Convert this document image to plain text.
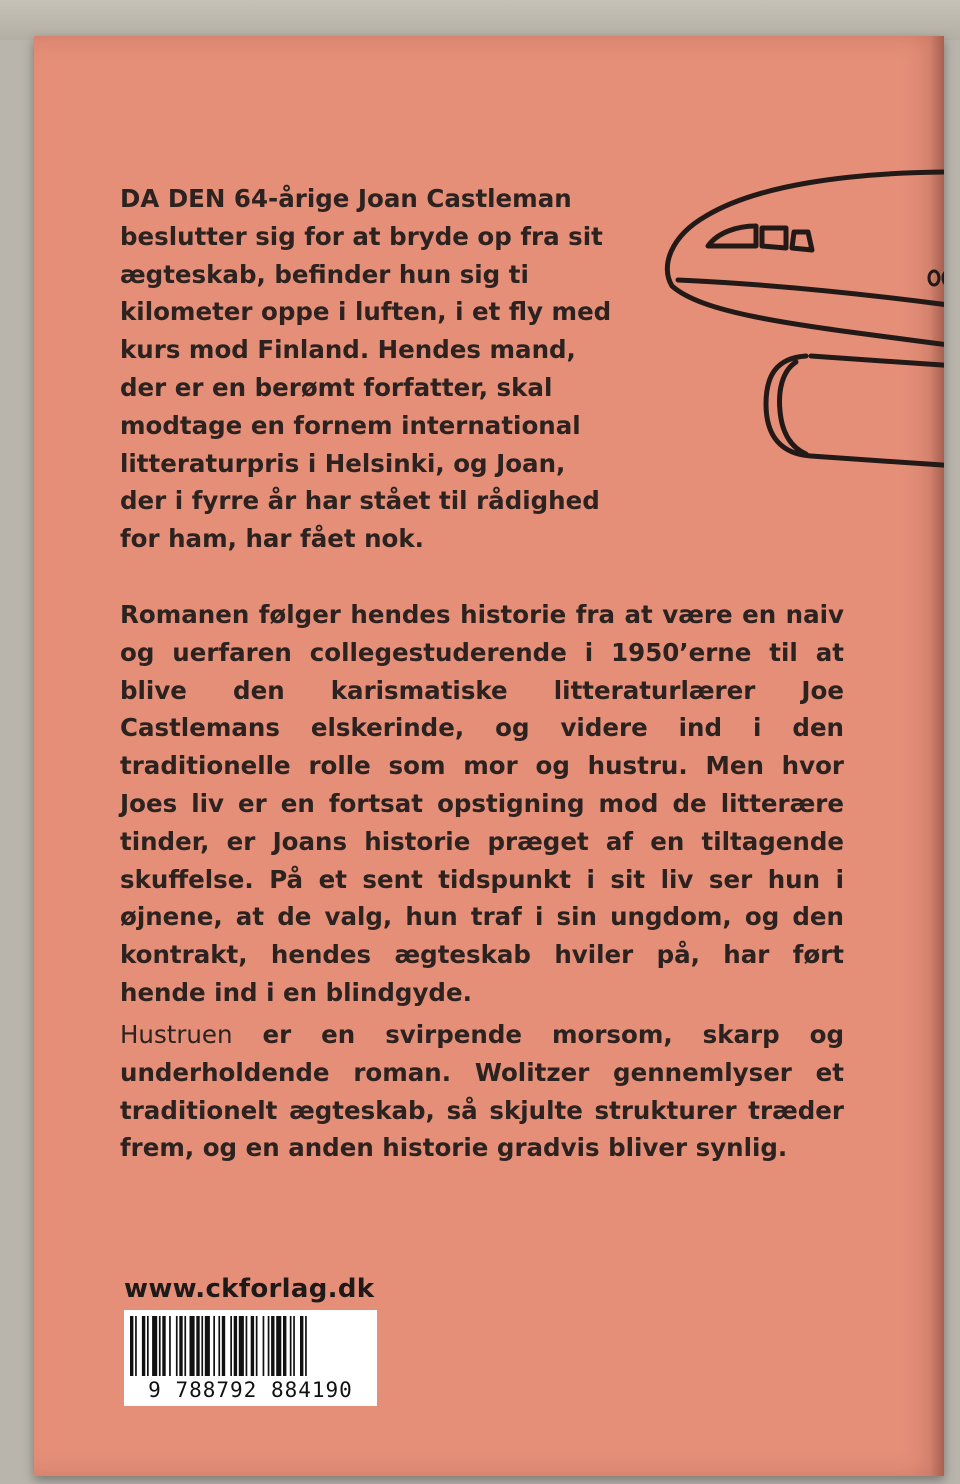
DA DEN 64-årige Joan Castleman beslutter sig for at bryde op fra sit ægteskab, befinder hun sig ti kilometer oppe i luften, i et fly med kurs mod Finland. Hendes mand, der er en berømt forfatter, skal modtage en fornem international litteraturpris i Helsinki, og Joan, der i fyrre år har stået til rådighed for ham, har fået nok.

Romanen følger hendes historie fra at være en naiv og uerfaren collegestuderende i 1950’erne til at blive den karismatiske litteraturlærer Joe Castlemans elskerinde, og videre ind i den traditionelle rolle som mor og hustru. Men hvor Joes liv er en fortsat opstigning mod de litterære tinder, er Joans historie præget af en tiltagende skuffelse. På et sent tidspunkt i sit liv ser hun i øjnene, at de valg, hun traf i sin ungdom, og den kontrakt, hendes ægteskab hviler på, har ført hende ind i en blindgyde.

Hustruen er en svirpende morsom, skarp og underholdende roman. Wolitzer gennemlyser et traditionelt ægteskab, så skjulte strukturer træder frem, og en anden historie gradvis bliver synlig.

www.ckforlag.dk

9 788792 884190
